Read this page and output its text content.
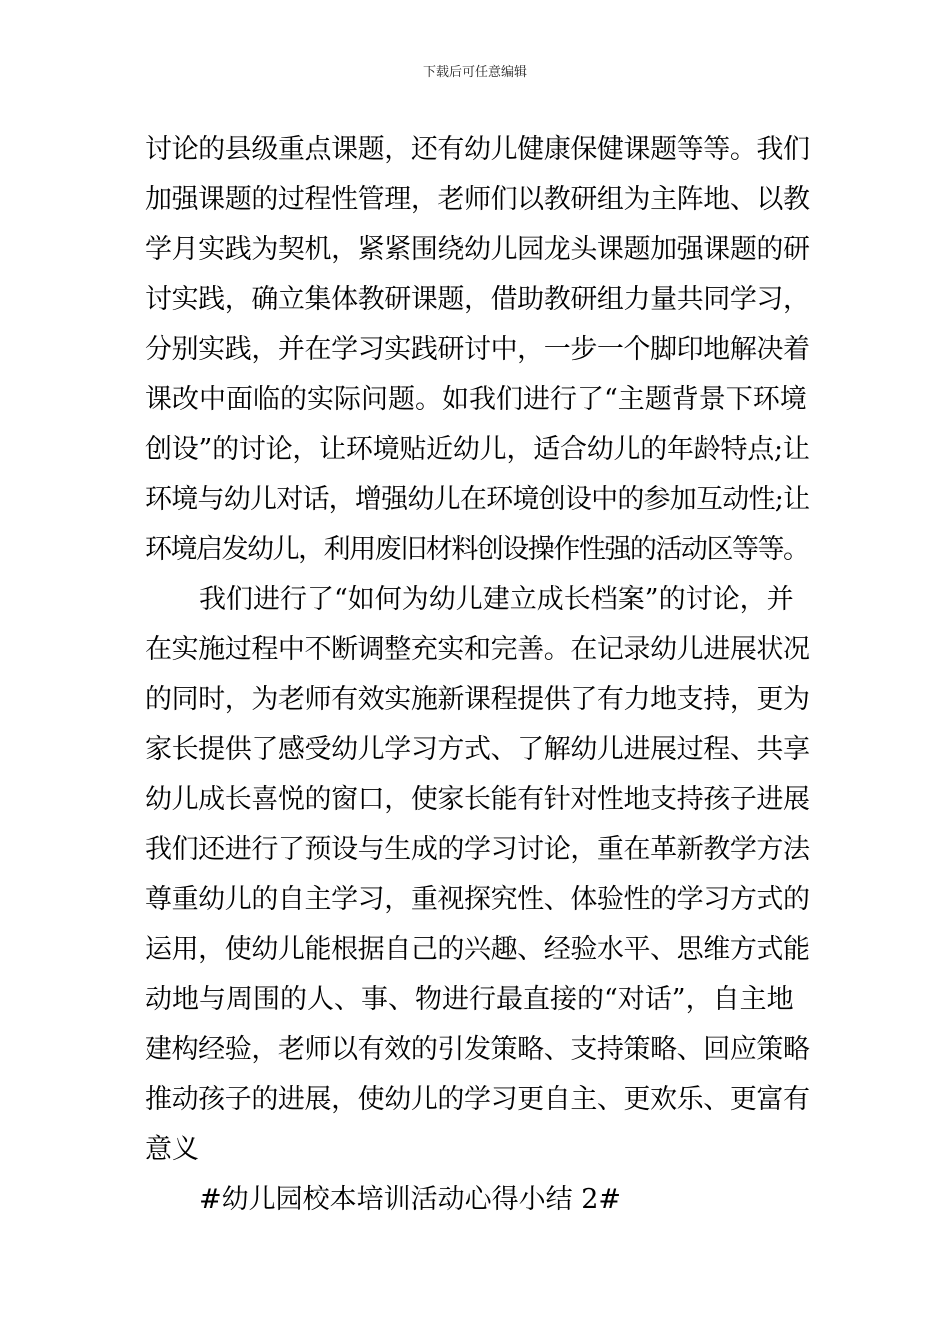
下载后可任意编辑
讨论的县级重点课题，还有幼儿健康保健课题等等。我们
加强课题的过程性管理，老师们以教研组为主阵地、以教
学月实践为契机，紧紧围绕幼儿园龙头课题加强课题的研
讨实践，确立集体教研课题，借助教研组力量共同学习，
分别实践，并在学习实践研讨中，一步一个脚印地解决着
课改中面临的实际问题。如我们进行了“主题背景下环境
创设”的讨论，让环境贴近幼儿，适合幼儿的年龄特点;让
环境与幼儿对话，增强幼儿在环境创设中的参加互动性;让
环境启发幼儿，利用废旧材料创设操作性强的活动区等等。
我们进行了“如何为幼儿建立成长档案”的讨论，并
在实施过程中不断调整充实和完善。在记录幼儿进展状况
的同时，为老师有效实施新课程提供了有力地支持，更为
家长提供了感受幼儿学习方式、了解幼儿进展过程、共享
幼儿成长喜悦的窗口，使家长能有针对性地支持孩子进展
我们还进行了预设与生成的学习讨论，重在革新教学方法
尊重幼儿的自主学习，重视探究性、体验性的学习方式的
运用，使幼儿能根据自己的兴趣、经验水平、思维方式能
动地与周围的人、事、物进行最直接的“对话”，自主地
建构经验，老师以有效的引发策略、支持策略、回应策略
推动孩子的进展，使幼儿的学习更自主、更欢乐、更富有
意义
#幼儿园校本培训活动心得小结 2#
